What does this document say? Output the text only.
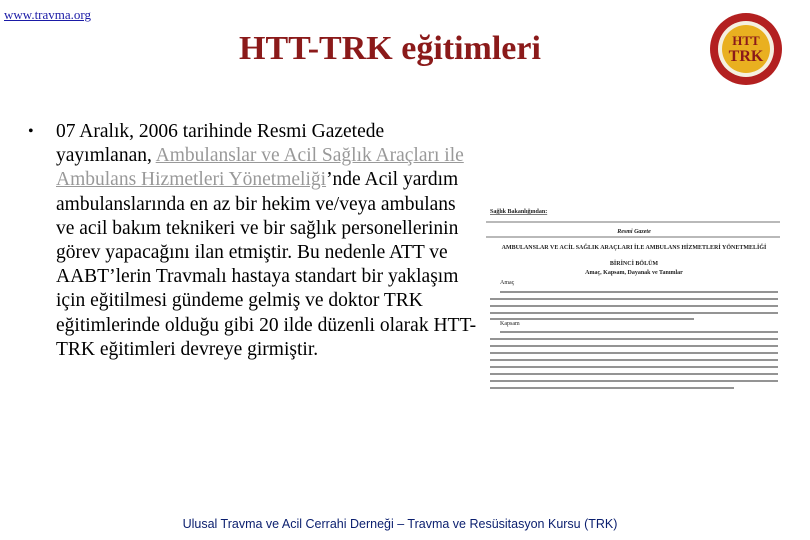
www.travma.org
HTT-TRK eğitimleri	HTT
TRK
• 07 Aralık, 2006 tarihinde Resmi Gazetede yayımlanan, Ambulanslar ve Acil Sağlık Araçları ile Ambulans Hizmetleri Yönetmeliği’nde Acil yardım ambulanslarında en az bir hekim ve/veya ambulans ve acil bakım teknikeri ve bir sağlık personellerinin görev yapacağını ilan etmiştir. Bu nedenle ATT ve AABT’lerin Travmalı hastaya standart bir yaklaşım için eğitilmesi gündeme gelmiş ve doktor TRK eğitimlerinde olduğu gibi 20 ilde düzenli olarak HTT-TRK eğitimleri devreye girmiştir.
Sağlık Bakanlığından:
Resmi Gazete
AMBULANSLAR VE ACİL SAĞLIK ARAÇLARI İLE AMBULANS HİZMETLERİ YÖNETMELİĞİ
BİRİNCİ BÖLÜM
Amaç, Kapsam, Dayanak ve Tanımlar
Amaç
Kapsam
Ulusal Travma ve Acil Cerrahi Derneği – Travma ve Resüsitasyon Kursu (TRK)
